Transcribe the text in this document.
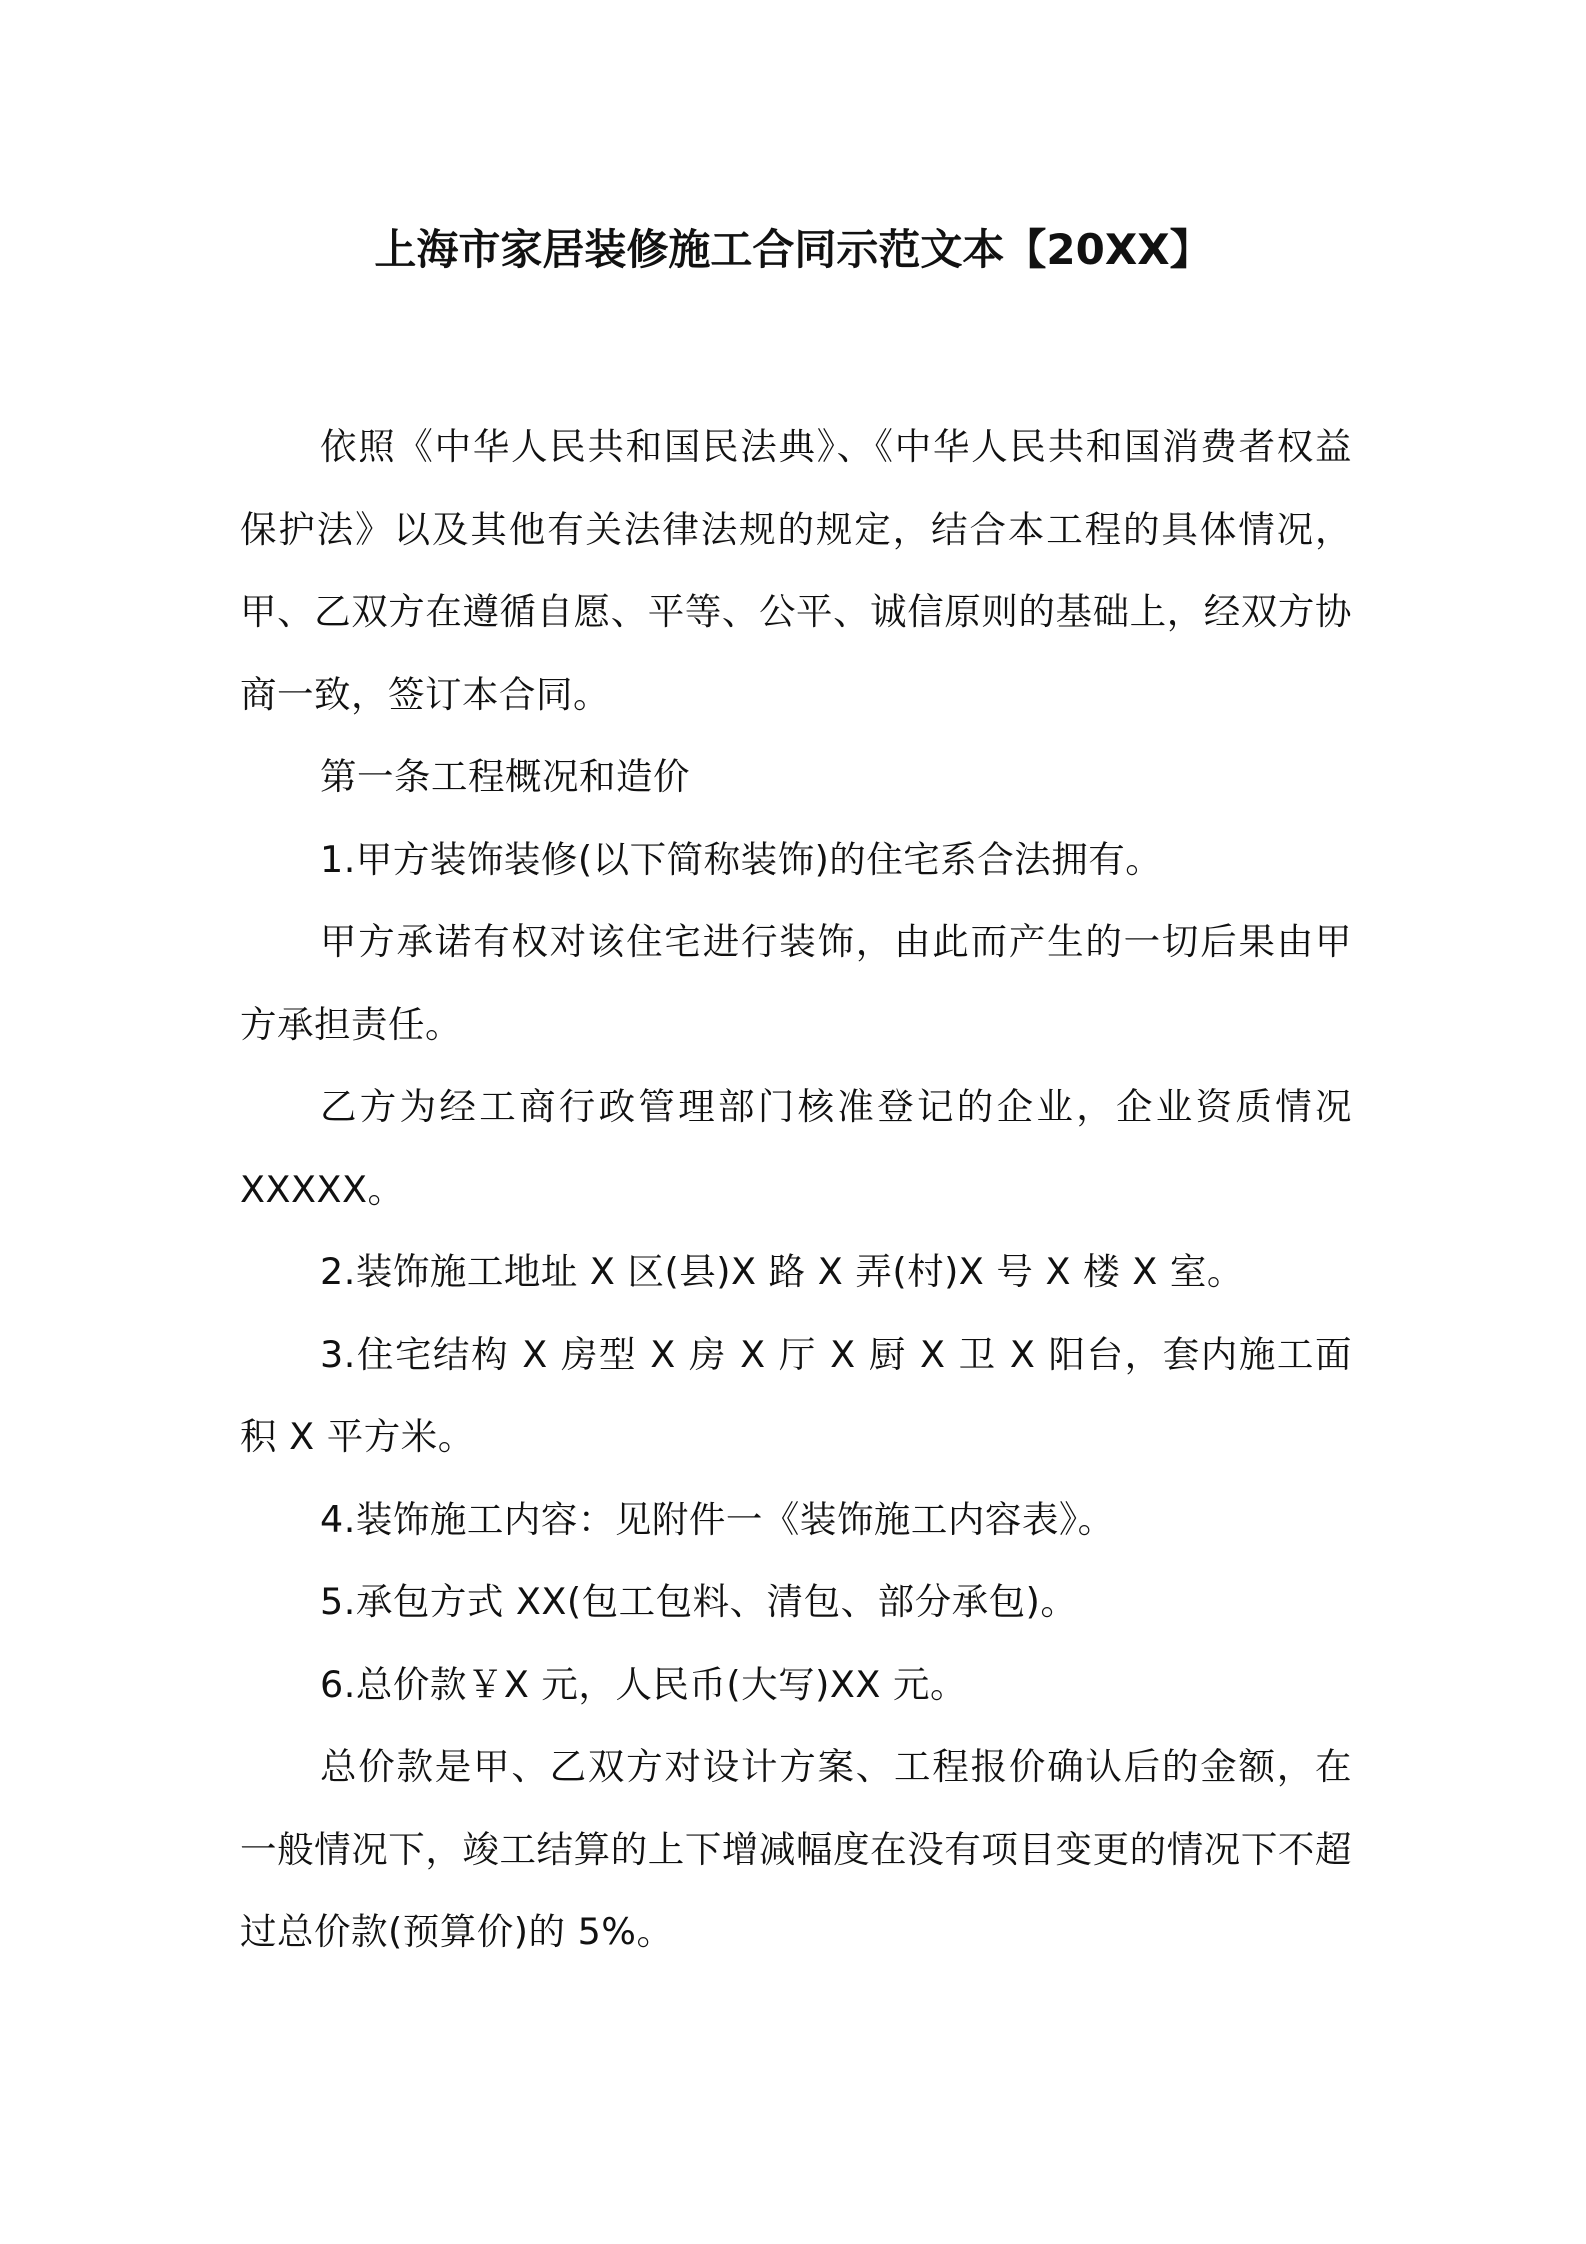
上海市家居装修施工合同示范文本【20XX】

依照《中华人民共和国民法典》、《中华人民共和国消费者权益保护法》以及其他有关法律法规的规定，结合本工程的具体情况，甲、乙双方在遵循自愿、平等、公平、诚信原则的基础上，经双方协商一致，签订本合同。

第一条工程概况和造价

1.甲方装饰装修(以下简称装饰)的住宅系合法拥有。

甲方承诺有权对该住宅进行装饰，由此而产生的一切后果由甲方承担责任。

乙方为经工商行政管理部门核准登记的企业，企业资质情况XXXXX。

2.装饰施工地址 X 区(县)X 路 X 弄(村)X 号 X 楼 X 室。

3.住宅结构 X 房型 X 房 X 厅 X 厨 X 卫 X 阳台，套内施工面积 X 平方米。

4.装饰施工内容：见附件一《装饰施工内容表》。

5.承包方式 XX(包工包料、清包、部分承包)。

6.总价款￥X 元，人民币(大写)XX 元。

总价款是甲、乙双方对设计方案、工程报价确认后的金额，在一般情况下，竣工结算的上下增减幅度在没有项目变更的情况下不超过总价款(预算价)的 5%。
